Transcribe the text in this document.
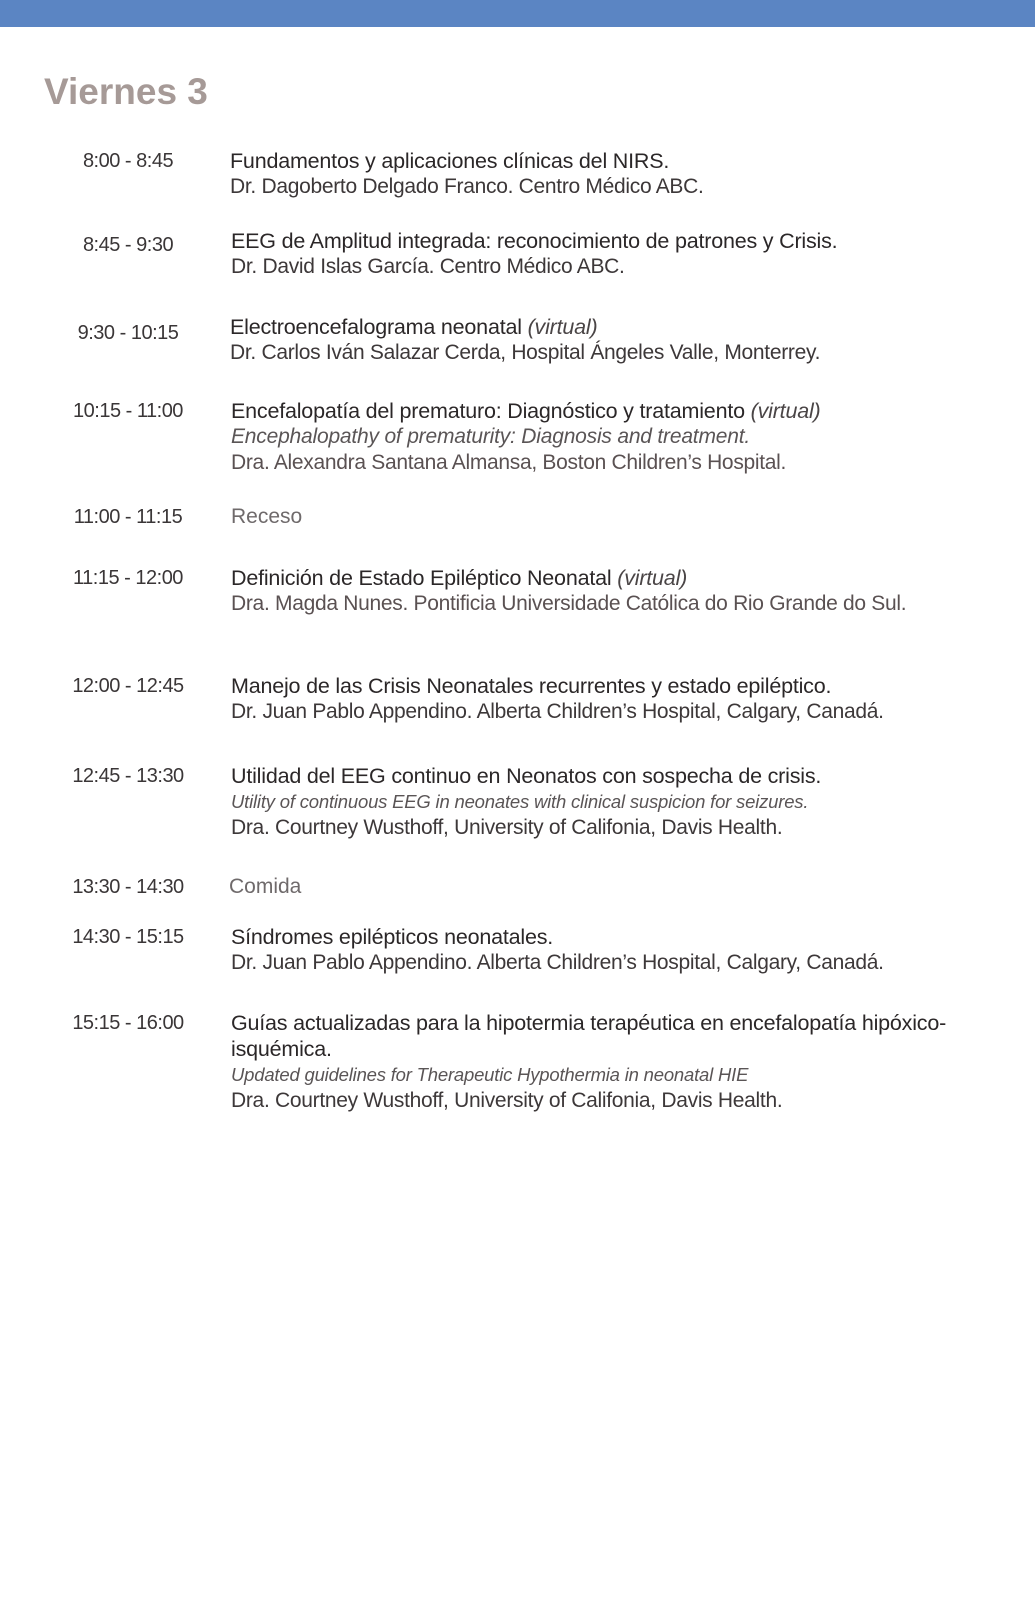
Viernes 3
8:00 - 8:45	Fundamentos y aplicaciones clínicas del NIRS.
Dr. Dagoberto Delgado Franco. Centro Médico ABC.
8:45 - 9:30	EEG de Amplitud integrada: reconocimiento de patrones y Crisis.
Dr. David Islas García. Centro Médico ABC.
9:30 - 10:15	Electroencefalograma neonatal (virtual)
Dr. Carlos Iván Salazar Cerda, Hospital Ángeles Valle, Monterrey.
10:15 - 11:00	Encefalopatía del prematuro: Diagnóstico y tratamiento (virtual)
Encephalopathy of prematurity: Diagnosis and treatment.
Dra. Alexandra Santana Almansa, Boston Children’s Hospital.
11:00 - 11:15	Receso
11:15 - 12:00	Definición de Estado Epiléptico Neonatal (virtual)
Dra. Magda Nunes. Pontificia Universidade Católica do Rio Grande do Sul.
12:00 - 12:45	Manejo de las Crisis Neonatales recurrentes y estado epiléptico.
Dr. Juan Pablo Appendino. Alberta Children’s Hospital, Calgary, Canadá.
12:45 - 13:30	Utilidad del EEG continuo en Neonatos con sospecha de crisis.
Utility of continuous EEG in neonates with clinical suspicion for seizures.
Dra. Courtney Wusthoff, University of Califonia, Davis Health.
13:30 - 14:30	Comida
14:30 - 15:15	Síndromes epilépticos neonatales.
Dr. Juan Pablo Appendino. Alberta Children’s Hospital, Calgary, Canadá.
15:15 - 16:00	Guías actualizadas para la hipotermia terapéutica en encefalopatía hipóxico-isquémica.
Updated guidelines for Therapeutic Hypothermia in neonatal HIE
Dra. Courtney Wusthoff, University of Califonia, Davis Health.
